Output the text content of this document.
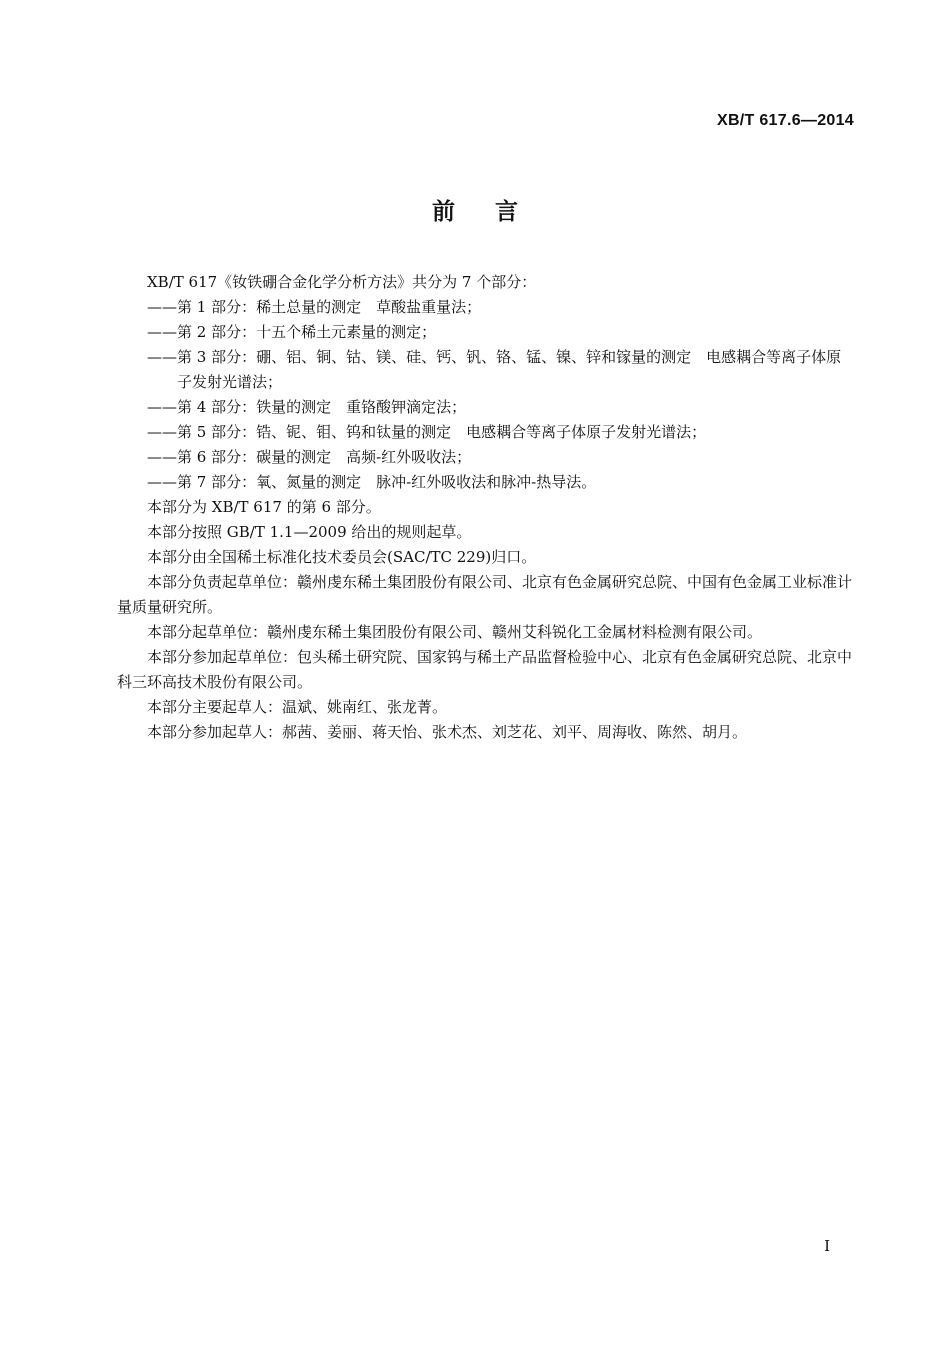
XB/T 617.6—2014
前言

XB/T 617《钕铁硼合金化学分析方法》共分为 7 个部分：

——第 1 部分：稀土总量的测定　草酸盐重量法；

——第 2 部分：十五个稀土元素量的测定；

——第 3 部分：硼、铝、铜、钴、镁、硅、钙、钒、铬、锰、镍、锌和镓量的测定　电感耦合等离子体原子发射光谱法；

——第 4 部分：铁量的测定　重铬酸钾滴定法；

——第 5 部分：锆、铌、钼、钨和钛量的测定　电感耦合等离子体原子发射光谱法；

——第 6 部分：碳量的测定　高频-红外吸收法；

——第 7 部分：氧、氮量的测定　脉冲-红外吸收法和脉冲-热导法。

本部分为 XB/T 617 的第 6 部分。

本部分按照 GB/T 1.1—2009 给出的规则起草。

本部分由全国稀土标准化技术委员会(SAC/TC 229)归口。

本部分负责起草单位：赣州虔东稀土集团股份有限公司、北京有色金属研究总院、中国有色金属工业标准计量质量研究所。

本部分起草单位：赣州虔东稀土集团股份有限公司、赣州艾科锐化工金属材料检测有限公司。

本部分参加起草单位：包头稀土研究院、国家钨与稀土产品监督检验中心、北京有色金属研究总院、北京中科三环高技术股份有限公司。

本部分主要起草人：温斌、姚南红、张龙菁。

本部分参加起草人：郝茜、姜丽、蒋天怡、张术杰、刘芝花、刘平、周海收、陈然、胡月。

I
